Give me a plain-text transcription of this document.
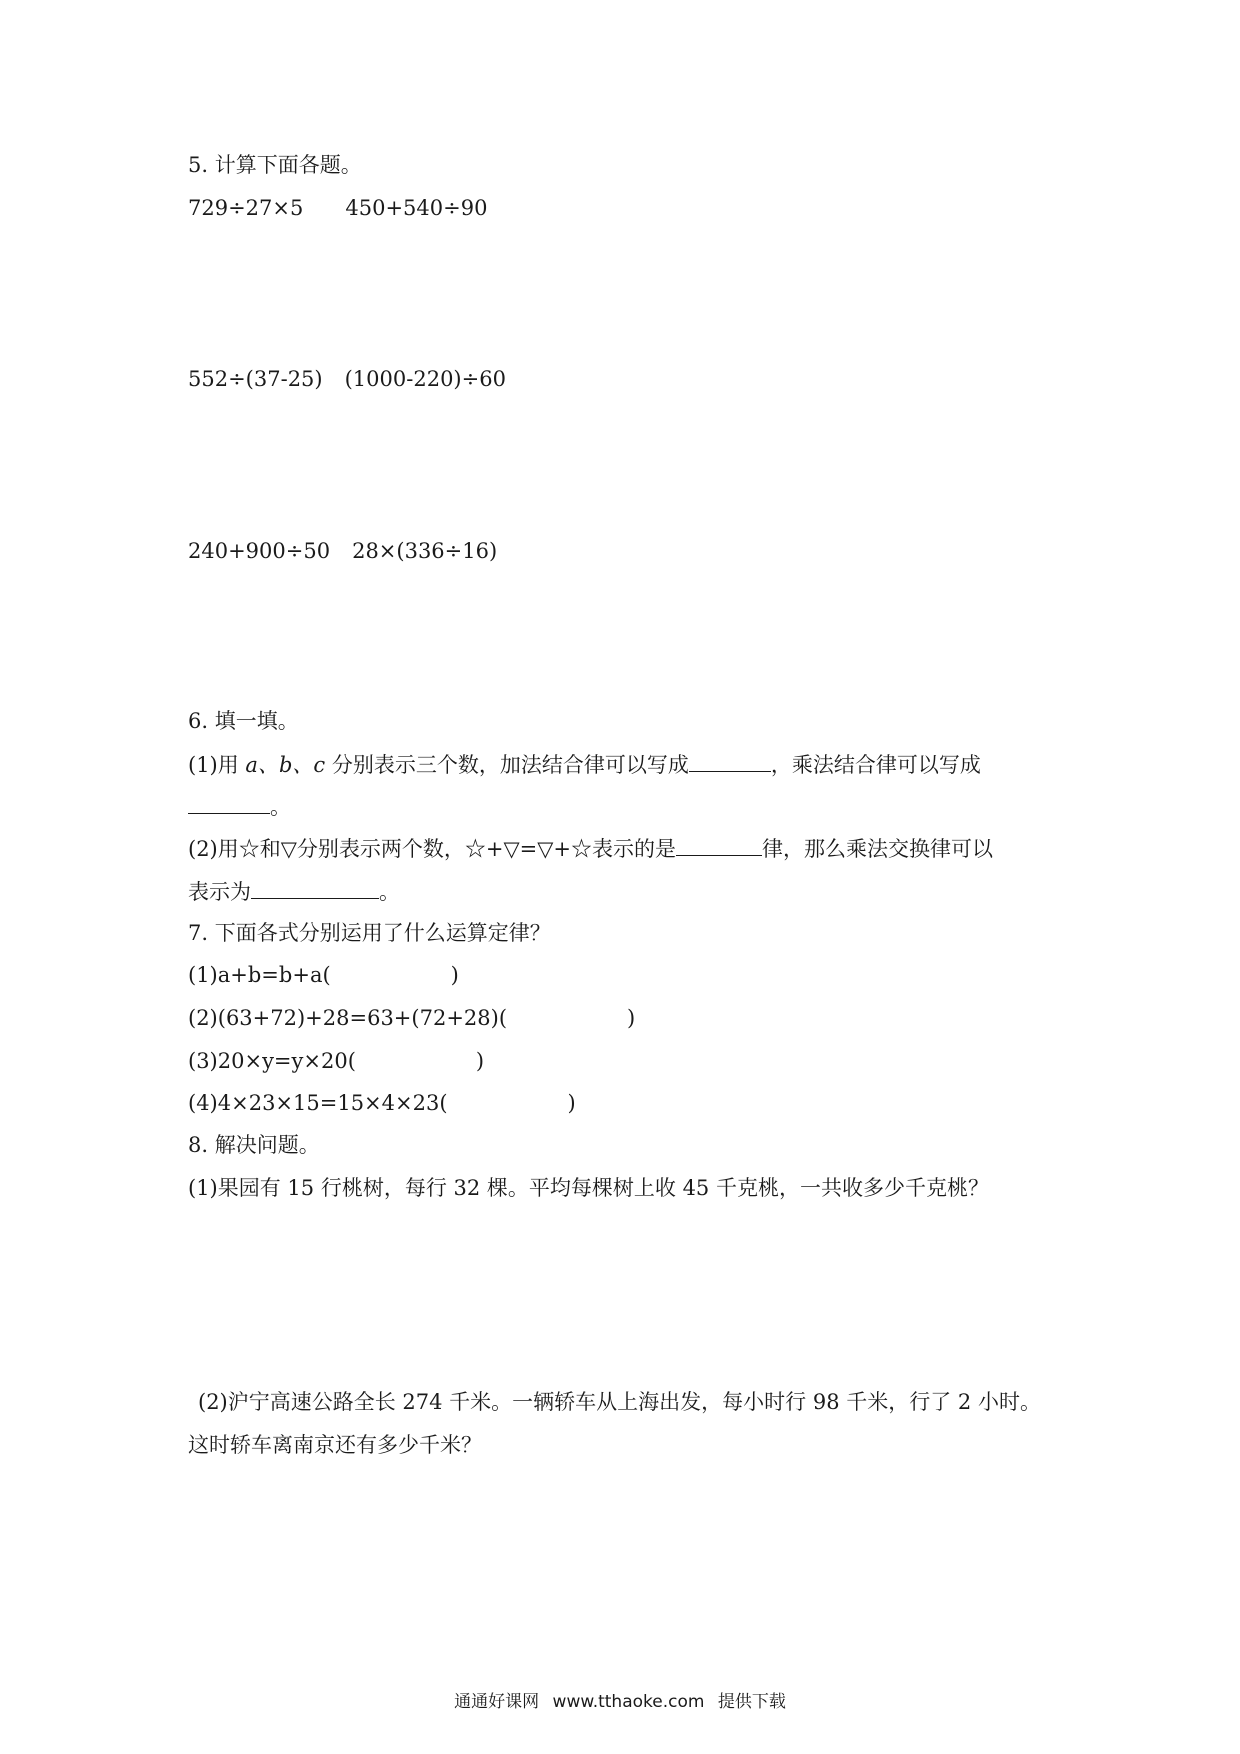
5. 计算下面各题。
729÷27×5 450+540÷90
552÷(37-25) (1000-220)÷60
240+900÷50 28×(336÷16)
6. 填一填。
(1)用 a、b、c 分别表示三个数，加法结合律可以写成	，乘法结合律可以写成
。
(2)用☆和▽分别表示两个数，☆+▽=▽+☆表示的是	律，那么乘法交换律可以
表示为	。
7. 下面各式分别运用了什么运算定律？
(1)a+b=b+a(	)
(2)(63+72)+28=63+(72+28)(	)
(3)20×y=y×20(	)
(4)4×23×15=15×4×23(	)
8. 解决问题。
(1)果园有 15 行桃树，每行 32 棵。平均每棵树上收 45 千克桃，一共收多少千克桃？
(2)沪宁高速公路全长 274 千米。一辆轿车从上海出发，每小时行 98 千米，行了 2 小时。
这时轿车离南京还有多少千米？
通通好课网 www.tthaoke.com 提供下载
